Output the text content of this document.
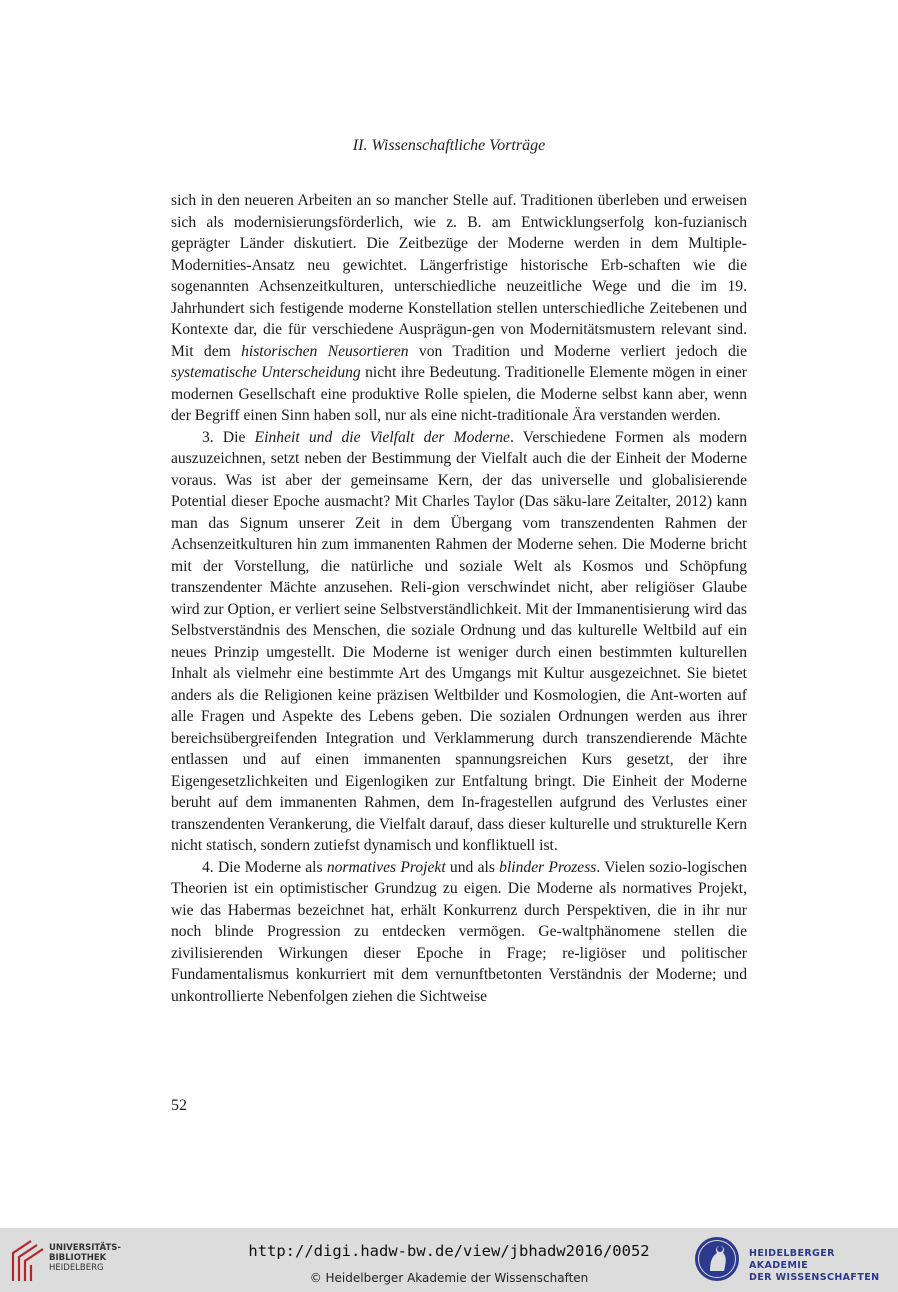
II. Wissenschaftliche Vorträge

sich in den neueren Arbeiten an so mancher Stelle auf. Traditionen überleben und erweisen sich als modernisierungsförderlich, wie z. B. am Entwicklungserfolg kon-fuzianisch geprägter Länder diskutiert. Die Zeitbezüge der Moderne werden in dem Multiple-Modernities-Ansatz neu gewichtet. Längerfristige historische Erb-schaften wie die sogenannten Achsenzeitkulturen, unterschiedliche neuzeitliche Wege und die im 19. Jahrhundert sich festigende moderne Konstellation stellen unterschiedliche Zeitebenen und Kontexte dar, die für verschiedene Ausprägun-gen von Modernitätsmustern relevant sind. Mit dem historischen Neusortieren von Tradition und Moderne verliert jedoch die systematische Unterscheidung nicht ihre Bedeutung. Traditionelle Elemente mögen in einer modernen Gesellschaft eine produktive Rolle spielen, die Moderne selbst kann aber, wenn der Begriff einen Sinn haben soll, nur als eine nicht-traditionale Ära verstanden werden.

3. Die Einheit und die Vielfalt der Moderne. Verschiedene Formen als modern auszuzeichnen, setzt neben der Bestimmung der Vielfalt auch die der Einheit der Moderne voraus. Was ist aber der gemeinsame Kern, der das universelle und globalisierende Potential dieser Epoche ausmacht? Mit Charles Taylor (Das säku-lare Zeitalter, 2012) kann man das Signum unserer Zeit in dem Übergang vom transzendenten Rahmen der Achsenzeitkulturen hin zum immanenten Rahmen der Moderne sehen. Die Moderne bricht mit der Vorstellung, die natürliche und soziale Welt als Kosmos und Schöpfung transzendenter Mächte anzusehen. Reli-gion verschwindet nicht, aber religiöser Glaube wird zur Option, er verliert seine Selbstverständlichkeit. Mit der Immanentisierung wird das Selbstverständnis des Menschen, die soziale Ordnung und das kulturelle Weltbild auf ein neues Prinzip umgestellt. Die Moderne ist weniger durch einen bestimmten kulturellen Inhalt als vielmehr eine bestimmte Art des Umgangs mit Kultur ausgezeichnet. Sie bietet anders als die Religionen keine präzisen Weltbilder und Kosmologien, die Ant-worten auf alle Fragen und Aspekte des Lebens geben. Die sozialen Ordnungen werden aus ihrer bereichsübergreifenden Integration und Verklammerung durch transzendierende Mächte entlassen und auf einen immanenten spannungsreichen Kurs gesetzt, der ihre Eigengesetzlichkeiten und Eigenlogiken zur Entfaltung bringt. Die Einheit der Moderne beruht auf dem immanenten Rahmen, dem In-fragestellen aufgrund des Verlustes einer transzendenten Verankerung, die Vielfalt darauf, dass dieser kulturelle und strukturelle Kern nicht statisch, sondern zutiefst dynamisch und konfliktuell ist.

4. Die Moderne als normatives Projekt und als blinder Prozess. Vielen sozio-logischen Theorien ist ein optimistischer Grundzug zu eigen. Die Moderne als normatives Projekt, wie das Habermas bezeichnet hat, erhält Konkurrenz durch Perspektiven, die in ihr nur noch blinde Progression zu entdecken vermögen. Ge-waltphänomene stellen die zivilisierenden Wirkungen dieser Epoche in Frage; re-ligiöser und politischer Fundamentalismus konkurriert mit dem vernunftbetonten Verständnis der Moderne; und unkontrollierte Nebenfolgen ziehen die Sichtweise

52
UNIVERSITÄTS-
BIBLIOTHEK
HEIDELBERG
http://digi.hadw-bw.de/view/jbhadw2016/0052
© Heidelberger Akademie der Wissenschaften
HEIDELBERGER AKADEMIE
DER WISSENSCHAFTEN
